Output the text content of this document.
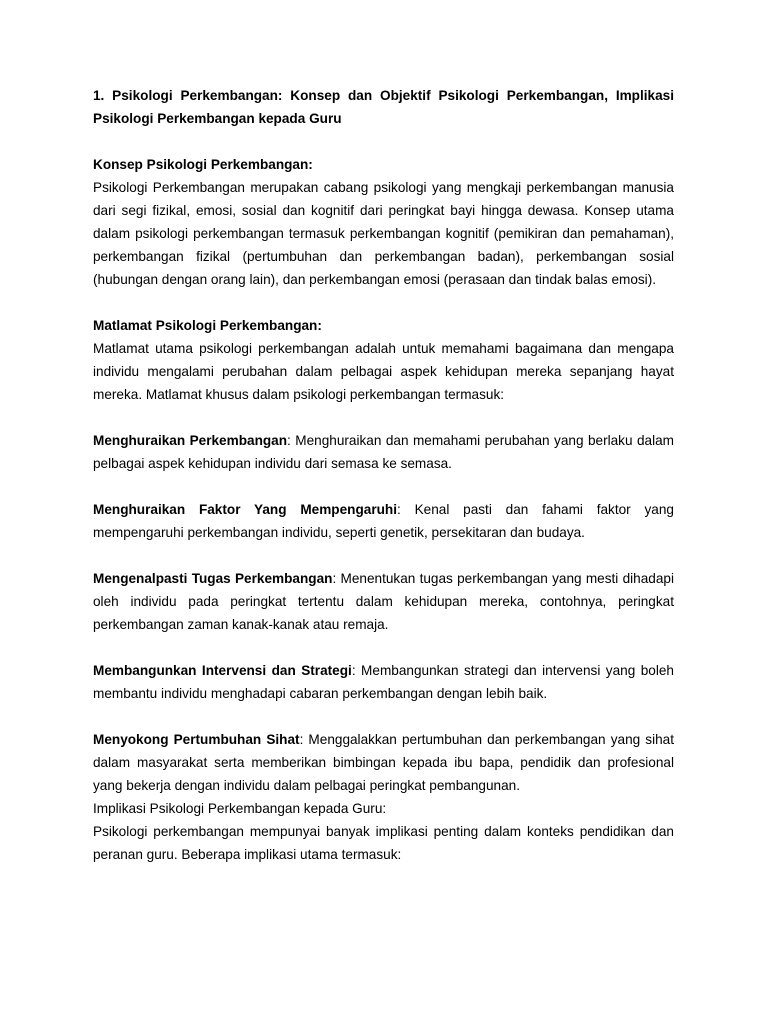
1. Psikologi Perkembangan: Konsep dan Objektif Psikologi Perkembangan, Implikasi Psikologi Perkembangan kepada Guru

Konsep Psikologi Perkembangan:

Psikologi Perkembangan merupakan cabang psikologi yang mengkaji perkembangan manusia dari segi fizikal, emosi, sosial dan kognitif dari peringkat bayi hingga dewasa. Konsep utama dalam psikologi perkembangan termasuk perkembangan kognitif (pemikiran dan pemahaman), perkembangan fizikal (pertumbuhan dan perkembangan badan), perkembangan sosial (hubungan dengan orang lain), dan perkembangan emosi (perasaan dan tindak balas emosi).

Matlamat Psikologi Perkembangan:

Matlamat utama psikologi perkembangan adalah untuk memahami bagaimana dan mengapa individu mengalami perubahan dalam pelbagai aspek kehidupan mereka sepanjang hayat mereka. Matlamat khusus dalam psikologi perkembangan termasuk:

Menghuraikan Perkembangan: Menghuraikan dan memahami perubahan yang berlaku dalam pelbagai aspek kehidupan individu dari semasa ke semasa.

Menghuraikan Faktor Yang Mempengaruhi: Kenal pasti dan fahami faktor yang mempengaruhi perkembangan individu, seperti genetik, persekitaran dan budaya.

Mengenalpasti Tugas Perkembangan: Menentukan tugas perkembangan yang mesti dihadapi oleh individu pada peringkat tertentu dalam kehidupan mereka, contohnya, peringkat perkembangan zaman kanak-kanak atau remaja.

Membangunkan Intervensi dan Strategi: Membangunkan strategi dan intervensi yang boleh membantu individu menghadapi cabaran perkembangan dengan lebih baik.

Menyokong Pertumbuhan Sihat: Menggalakkan pertumbuhan dan perkembangan yang sihat dalam masyarakat serta memberikan bimbingan kepada ibu bapa, pendidik dan profesional yang bekerja dengan individu dalam pelbagai peringkat pembangunan.

Implikasi Psikologi Perkembangan kepada Guru:

Psikologi perkembangan mempunyai banyak implikasi penting dalam konteks pendidikan dan peranan guru. Beberapa implikasi utama termasuk:
